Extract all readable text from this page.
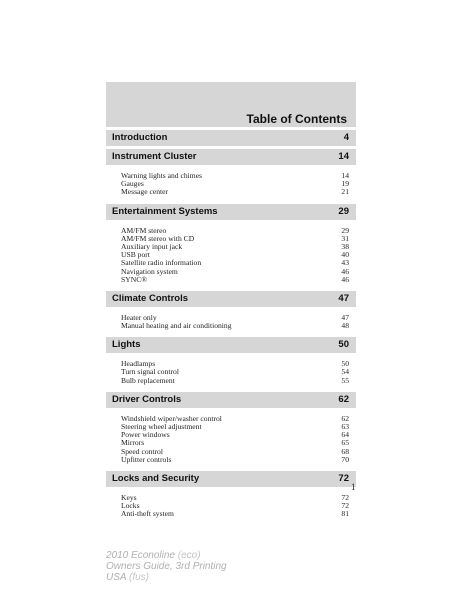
Table of Contents
Introduction	4
Instrument Cluster	14
Warning lights and chimes	14
Gauges	19
Message center	21
Entertainment Systems	29
AM/FM stereo	29
AM/FM stereo with CD	31
Auxiliary input jack	38
USB port	40
Satellite radio information	43
Navigation system	46
SYNC®	46
Climate Controls	47
Heater only	47
Manual heating and air conditioning	48
Lights	50
Headlamps	50
Turn signal control	54
Bulb replacement	55
Driver Controls	62
Windshield wiper/washer control	62
Steering wheel adjustment	63
Power windows	64
Mirrors	65
Speed control	68
Upfitter controls	70
Locks and Security	72
Keys	72
Locks	72
Anti-theft system	81
1
2010 Econoline (eco)
Owners Guide, 3rd Printing
USA (fus)
